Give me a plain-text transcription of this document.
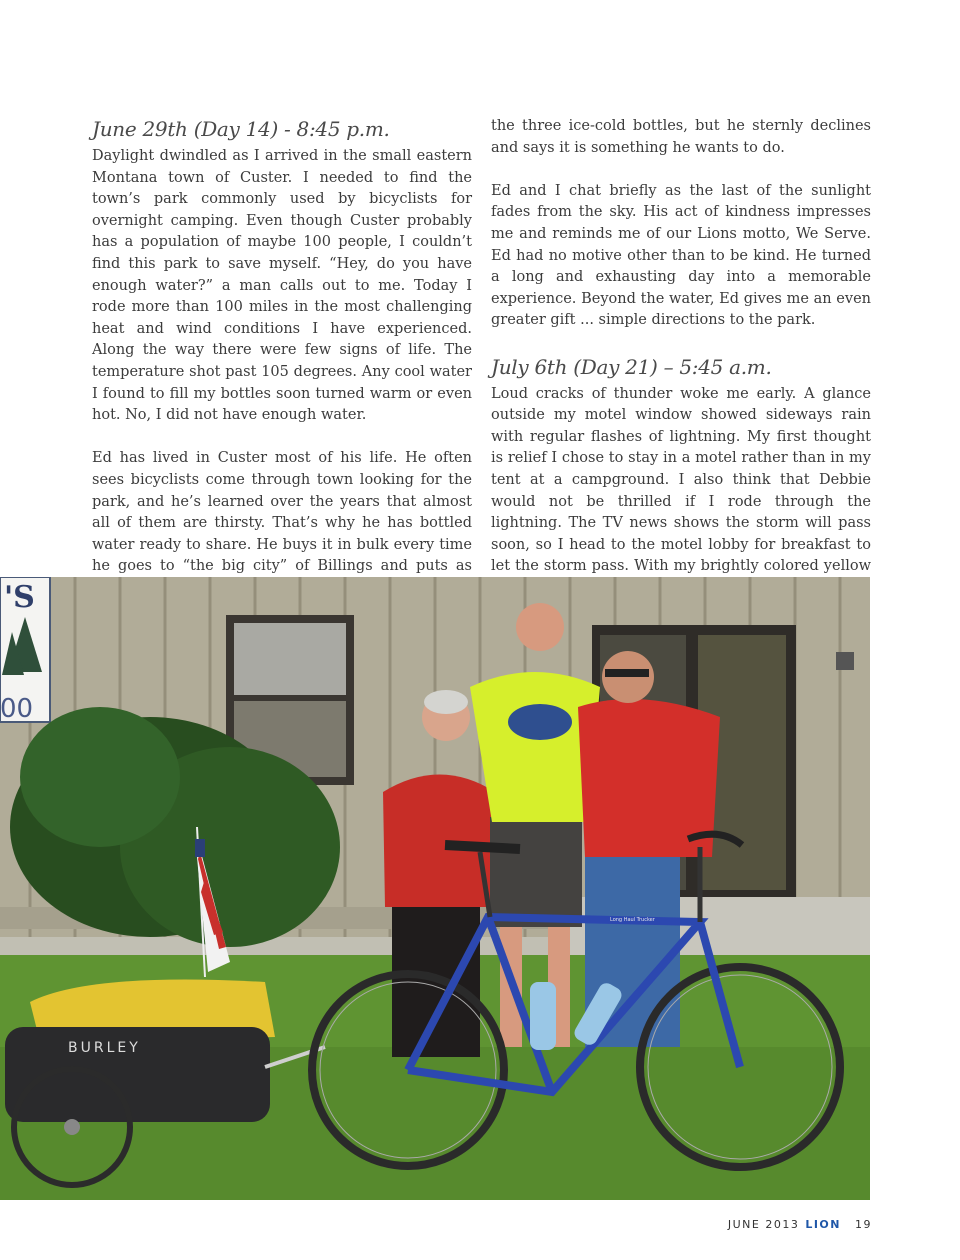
June 29th (Day 14) - 8:45 p.m.

Daylight dwindled as I arrived in the small eastern Montana town of Custer. I needed to find the town’s park commonly used by bicyclists for overnight camping. Even though Custer probably has a population of maybe 100 people, I couldn’t find this park to save myself. “Hey, do you have enough water?” a man calls out to me. Today I rode more than 100 miles in the most challenging heat and wind conditions I have experienced. Along the way there were few signs of life. The temperature shot past 105 degrees. Any cool water I found to fill my bottles soon turned warm or even hot. No, I did not have enough water.

Ed has lived in Custer most of his life. He often sees bicyclists come through town looking for the park, and he’s learned over the years that almost all of them are thirsty. That’s why he has bottled water ready to share. He buys it in bulk every time he goes to “the big city” of Billings and puts as

the three ice-cold bottles, but he sternly declines and says it is something he wants to do.

Ed and I chat briefly as the last of the sunlight fades from the sky. His act of kindness impresses me and reminds me of our Lions motto, We Serve. Ed had no motive other than to be kind. He turned a long and exhausting day into a memorable experience. Beyond the water, Ed gives me an even greater gift ... simple directions to the park.

July 6th (Day 21) – 5:45 a.m.

Loud cracks of thunder woke me early. A glance outside my motel window showed sideways rain with regular flashes of lightning. My first thought is relief I chose to stay in a motel rather than in my tent at a campground. I also think that Debbie would not be thrilled if I rode through the lightning. The TV news shows the storm will pass soon, so I head to the motel lobby for breakfast to let the storm pass. With my brightly colored yellow

'S
00
BURLEY
Long Haul Trucker
JUNE 2013 LION 19
